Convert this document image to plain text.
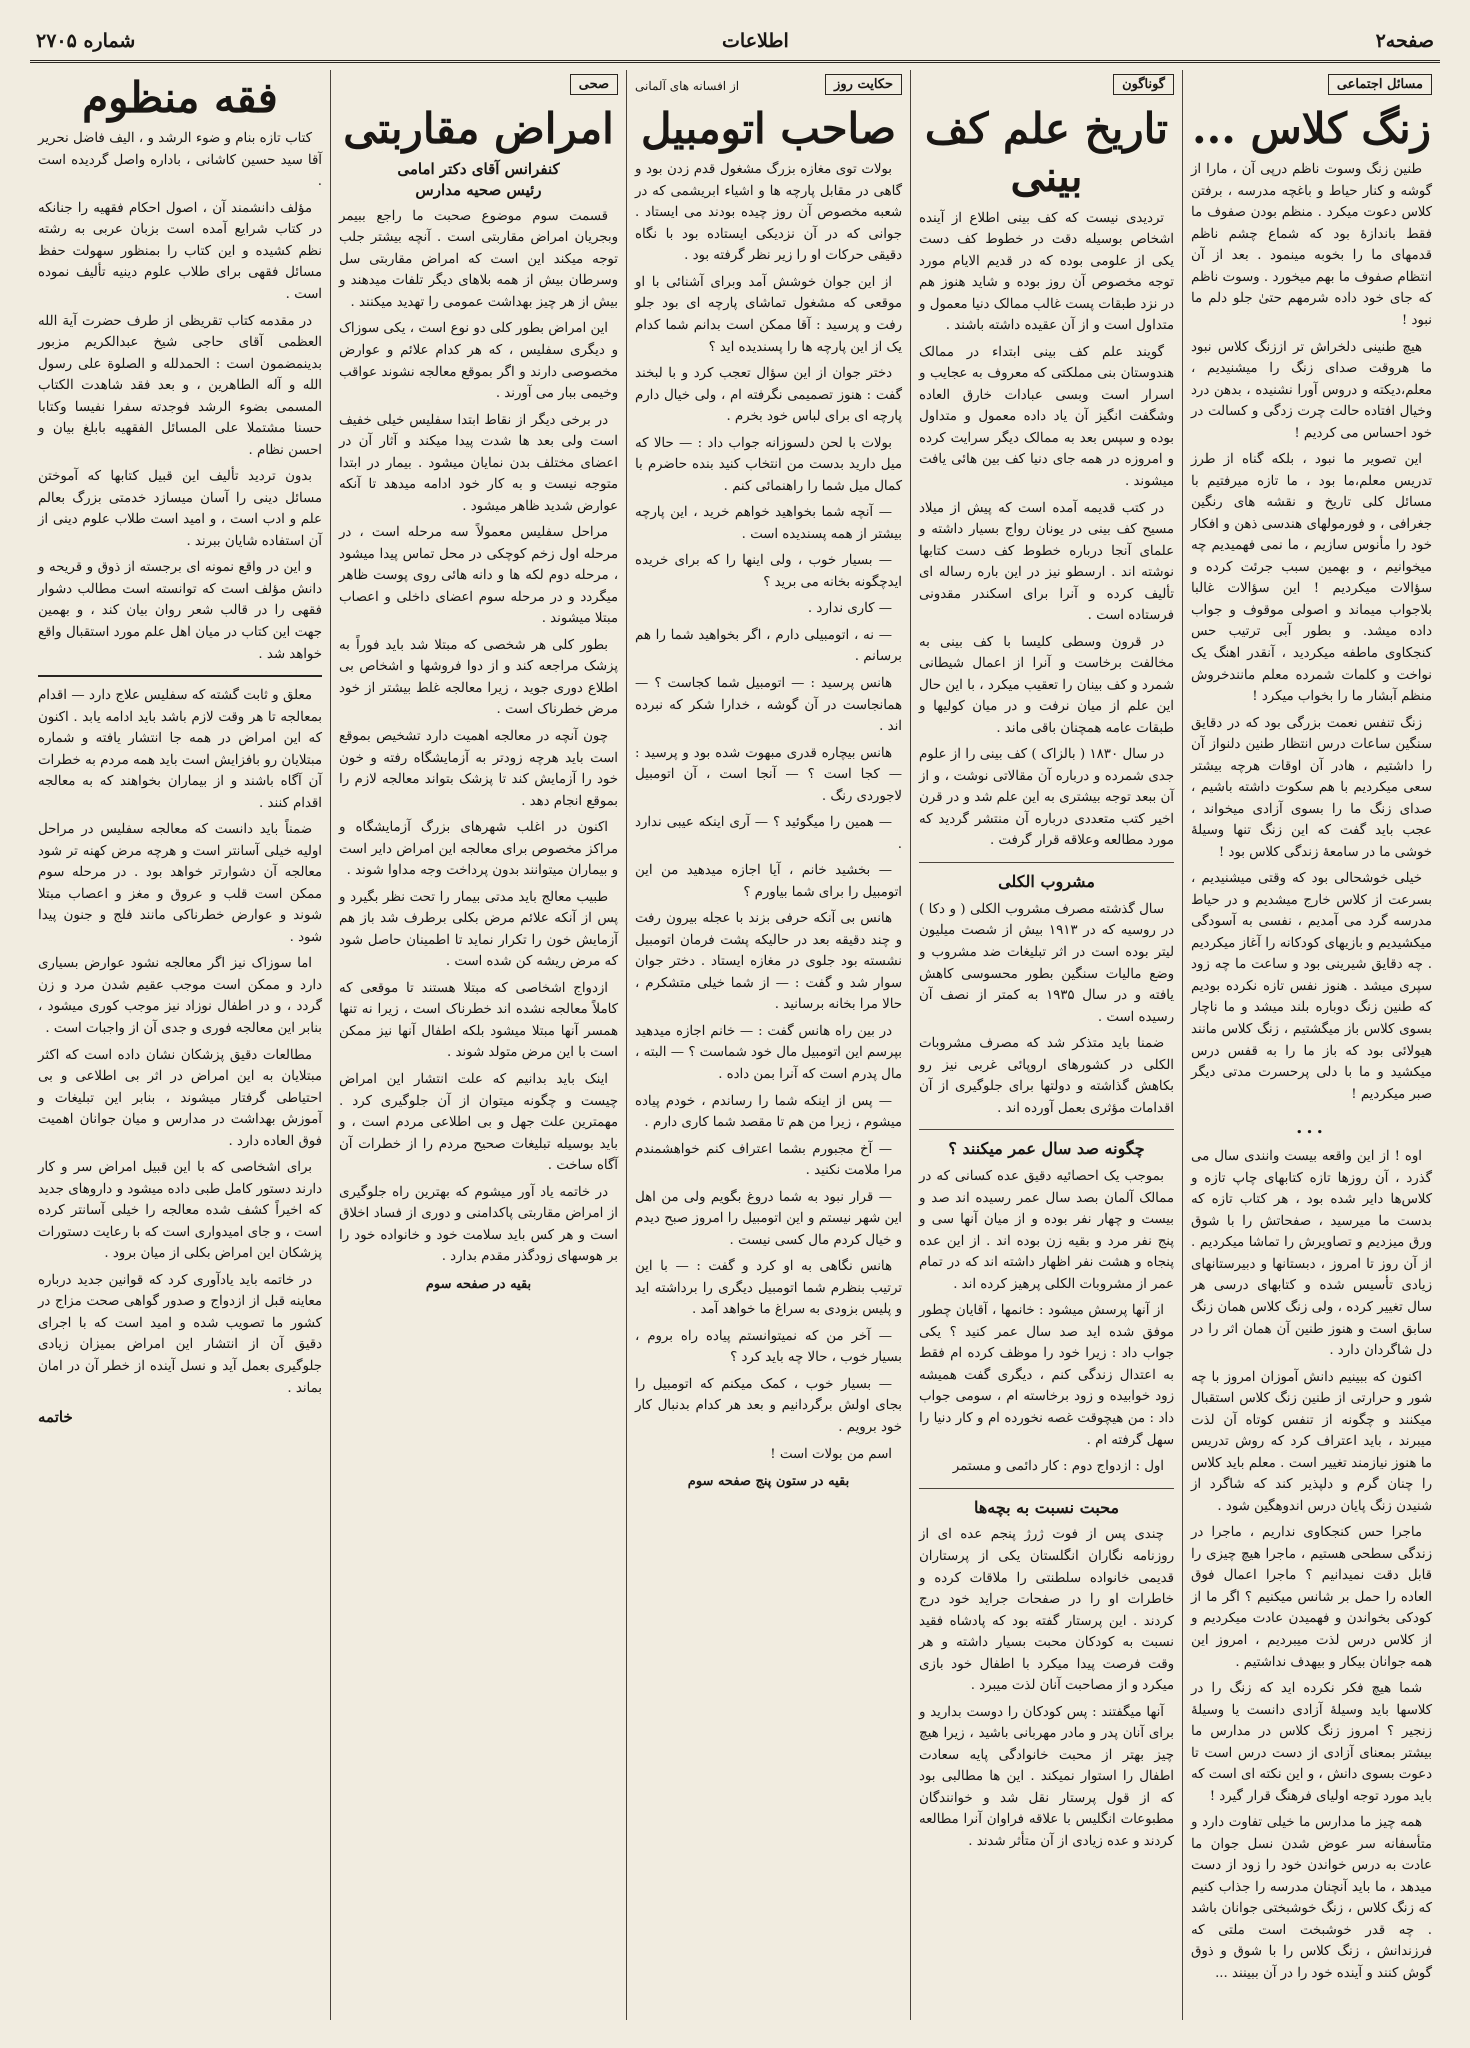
شماره ۲۷۰۵	اطلاعات	صفحه۲
مسائل اجتماعی
زنگ کلاس ...

طنین زنگ وسوت ناظم درپی آن ، مارا از گوشه و کنار حیاط و باغچه مدرسه ، برفتن کلاس دعوت میکرد . منظم بودن صفوف ما فقط باندازهٔ بود که شماع چشم ناظم قدمهای ما را بخوبه مینمود . بعد از آن انتظام صفوف ما بهم میخورد . وسوت ناظم که جای خود داده شرمهم حتیٰ جلو دلم ما نبود !

هیچ طنینی دلخراش تر اززنگ کلاس نبود ما هروقت صدای زنگ را میشنیدیم ، معلم،دیکته و دروس آورا نشنیده ، بدهن درد وخیال افتاده حالت چرت زدگی و کسالت در خود احساس می کردیم !

این تصویر ما نبود ، بلکه گناه از طرز تدریس معلم،ما بود ، ما تازه میرفتیم با مسائل کلی تاریخ و نقشه های رنگین جغرافی ، و فورمولهای هندسی ذهن و افکار خود را مأنوس سازیم ، ما نمی فهمیدیم چه میخوانیم ، و بهمین سبب جرئت کرده و سؤالات میکردیم ! این سؤالات غالبا بلاجواب میماند و اصولی موقوف و جواب داده میشد. و بطور آبی ترتیب حس کنجکاوی ماطفه میکردید ، آنقدر اهنگ یک نواخت و کلمات شمرده معلم مانندخروش منظم آبشار ما را بخواب میکرد !

زنگ تنفس نعمت بزرگی بود که در دقایق سنگین ساعات درس انتظار طنین دلنواز آن را داشتیم ، هادر آن اوقات هرچه بیشتر سعی میکردیم با هم سکوت داشته باشیم ، صدای زنگ ما را بسوی آزادی میخواند ، عجب باید گفت که این زنگ تنها وسیلهٔ خوشی ما در سامعهٔ زندگی کلاس بود !

خیلی خوشحالی بود که وقتی میشنیدیم ، بسرعت از کلاس خارج میشدیم و در حیاط مدرسه گرد می آمدیم ، نفسی به آسودگی میکشیدیم و بازیهای کودکانه را آغاز میکردیم . چه دقایق شیرینی بود و ساعت ما چه زود سپری میشد . هنوز نفس تازه نکرده بودیم که طنین زنگ دوباره بلند میشد و ما ناچار بسوی کلاس باز میگشتیم ، زنگ کلاس مانند هیولائی بود که باز ما را به قفس درس میکشید و ما با دلی پرحسرت مدتی دیگر صبر میکردیم !

...

اوه ! از این واقعه بیست وانندی سال می گذرد ، آن روزها تازه کتابهای چاپ تازه و کلاس‌ها دایر شده بود ، هر کتاب تازه که بدست ما میرسید ، صفحاتش را با شوق ورق میزدیم و تصاویرش را تماشا میکردیم . از آن روز تا امروز ، دبستانها و دبیرستانهای زیادی تأسیس شده و کتابهای درسی هر سال تغییر کرده ، ولی زنگ کلاس همان زنگ سابق است و هنوز طنین آن همان اثر را در دل شاگردان دارد .

اکنون که ببینیم دانش آموزان امروز با چه شور و حرارتی از طنین زنگ کلاس استقبال میکنند و چگونه از تنفس کوتاه آن لذت میبرند ، باید اعتراف کرد که روش تدریس ما هنوز نیازمند تغییر است . معلم باید کلاس را چنان گرم و دلپذیر کند که شاگرد از شنیدن زنگ پایان درس اندوهگین شود .

ماجرا حس کنجکاوی نداریم ، ماجرا در زندگی سطحی هستیم ، ماجرا هیچ چیزی را قابل دقت نمیدانیم ؟ ماجرا اعمال فوق العاده را حمل بر شانس میکنیم ؟ اگر ما از کودکی بخواندن و فهمیدن عادت میکردیم و از کلاس درس لذت میبردیم ، امروز این همه جوانان بیکار و بیهدف نداشتیم .

شما هیچ فکر نکرده اید که زنگ را در کلاسها باید وسیلهٔ آزادی دانست یا وسیلهٔ زنجیر ؟ امروز زنگ کلاس در مدارس ما بیشتر بمعنای آزادی از دست درس است تا دعوت بسوی دانش ، و این نکته ای است که باید مورد توجه اولیای فرهنگ قرار گیرد !

همه چیز ما مدارس ما خیلی تفاوت دارد و متأسفانه سر عوض شدن نسل جوان ما عادت به درس خواندن خود را زود از دست میدهد ، ما باید آنچنان مدرسه را جذاب کنیم که زنگ کلاس ، زنگ خوشبختی جوانان باشد . چه قدر خوشبخت است ملتی که فرزندانش ، زنگ کلاس را با شوق و ذوق گوش کنند و آینده خود را در آن ببینند ...

گوناگون
تاریخ علم کف بینی

تردیدی نیست که کف بینی اطلاع از آینده اشخاص بوسیله دقت در خطوط کف دست یکی از علومی بوده که در قدیم الایام مورد توجه مخصوص آن روز بوده و شاید هنوز هم در نزد طبقات پست غالب ممالک دنیا معمول و متداول است و از آن عقیده داشته باشند .

گویند علم کف بینی ابتداء در ممالک هندوستان بنی مملکتی که معروف به عجایب و اسرار است وبسی عبادات خارق العاده وشگفت انگیز آن یاد داده معمول و متداول بوده و سپس بعد به ممالک دیگر سرایت کرده و امروزه در همه جای دنیا کف بین هائی یافت میشوند .

در کتب قدیمه آمده است که پیش از میلاد مسیح کف بینی در یونان رواج بسیار داشته و علمای آنجا درباره خطوط کف دست کتابها نوشته اند . ارسطو نیز در این باره رساله ای تألیف کرده و آنرا برای اسکندر مقدونی فرستاده است .

در قرون وسطی کلیسا با کف بینی به مخالفت برخاست و آنرا از اعمال شیطانی شمرد و کف بینان را تعقیب میکرد ، با این حال این علم از میان نرفت و در میان کولیها و طبقات عامه همچنان باقی ماند .

در سال ۱۸۳۰ ( بالزاک ) کف بینی را از علوم جدی شمرده و درباره آن مقالاتی نوشت ، و از آن ببعد توجه بیشتری به این علم شد و در قرن اخیر کتب متعددی درباره آن منتشر گردید که مورد مطالعه وعلاقه قرار گرفت .

مشروب الکلی

سال گذشته مصرف مشروب الکلی ( و دکا ) در روسیه که در ۱۹۱۳ بیش از شصت میلیون لیتر بوده است در اثر تبلیغات ضد مشروب و وضع مالیات سنگین بطور محسوسی کاهش یافته و در سال ۱۹۳۵ به کمتر از نصف آن رسیده است .

ضمنا باید متذکر شد که مصرف مشروبات الکلی در کشورهای اروپائی غربی نیز رو بکاهش گذاشته و دولتها برای جلوگیری از آن اقدامات مؤثری بعمل آورده اند .

چگونه صد سال عمر میکنند ؟

بموجب یک احصائیه دقیق عده کسانی که در ممالک آلمان بصد سال عمر رسیده اند صد و بیست و چهار نفر بوده و از میان آنها سی و پنج نفر مرد و بقیه زن بوده اند . از این عده پنجاه و هشت نفر اظهار داشته اند که در تمام عمر از مشروبات الکلی پرهیز کرده اند .

از آنها پرسش میشود : خانمها ، آقایان چطور موفق شده اید صد سال عمر کنید ؟ یکی جواب داد : زیرا خود را موظف کرده ام فقط به اعتدال زندگی کنم ، دیگری گفت همیشه زود خوابیده و زود برخاسته ام ، سومی جواب داد : من هیچوقت غصه نخورده ام و کار دنیا را سهل گرفته ام .

اول : ازدواج دوم : کار دائمی و مستمر

محبت نسبت به بچه‌ها

چندی پس از فوت ژرژ پنجم عده ای از روزنامه نگاران انگلستان یکی از پرستاران قدیمی خانواده سلطنتی را ملاقات کرده و خاطرات او را در صفحات جراید خود درج کردند . این پرستار گفته بود که پادشاه فقید نسبت به کودکان محبت بسیار داشته و هر وقت فرصت پیدا میکرد با اطفال خود بازی میکرد و از مصاحبت آنان لذت میبرد .

آنها میگفتند : پس کودکان را دوست بدارید و برای آنان پدر و مادر مهربانی باشید ، زیرا هیچ چیز بهتر از محبت خانوادگی پایه سعادت اطفال را استوار نمیکند . این ها مطالبی بود که از قول پرستار نقل شد و خوانندگان مطبوعات انگلیس با علاقه فراوان آنرا مطالعه کردند و عده زیادی از آن متأثر شدند .

حکایت روز
از افسانه های آلمانی
صاحب اتومبیل

بولات توی مغازه بزرگ مشغول قدم زدن بود و گاهی در مقابل پارچه ها و اشیاء ابریشمی که در شعبه مخصوص آن روز چیده بودند می ایستاد . جوانی که در آن نزدیکی ایستاده بود با نگاه دقیقی حرکات او را زیر نظر گرفته بود .

از این جوان خوشش آمد وبرای آشنائی با او موقعی که مشغول تماشای پارچه ای بود جلو رفت و پرسید : آقا ممکن است بدانم شما کدام یک از این پارچه ها را پسندیده اید ؟

دختر جوان از این سؤال تعجب کرد و با لبخند گفت : هنوز تصمیمی نگرفته ام ، ولی خیال دارم پارچه ای برای لباس خود بخرم .

بولات با لحن دلسوزانه جواب داد : — حالا که میل دارید بدست من انتخاب کنید بنده حاضرم با کمال میل شما را راهنمائی کنم .

— آنچه شما بخواهید خواهم خرید ، این پارچه بیشتر از همه پسندیده است .

— بسیار خوب ، ولی اینها را که برای خریده ایدچگونه بخانه می برید ؟

— کاری ندارد .

— نه ، اتومبیلی دارم ، اگر بخواهید شما را هم برسانم .

هانس پرسید : — اتومبیل شما کجاست ؟ — همانجاست در آن گوشه ، خدارا شکر که نبرده اند .

هانس بیچاره قدری مبهوت شده بود و پرسید : — کجا است ؟ — آنجا است ، آن اتومبیل لاجوردی رنگ .

— همین را میگوئید ؟ — آری اینکه عیبی ندارد .

— بخشید خانم ، آیا اجازه میدهید من این اتومبیل را برای شما بیاورم ؟

هانس بی آنکه حرفی بزند با عجله بیرون رفت و چند دقیقه بعد در حالیکه پشت فرمان اتومبیل نشسته بود جلوی در مغازه ایستاد . دختر جوان سوار شد و گفت : — از شما خیلی متشکرم ، حالا مرا بخانه برسانید .

در بین راه هانس گفت : — خانم اجازه میدهید بپرسم این اتومبیل مال خود شماست ؟ — البته ، مال پدرم است که آنرا بمن داده .

— پس از اینکه شما را رساندم ، خودم پیاده میشوم ، زیرا من هم تا مقصد شما کاری دارم .

— آخ مجبورم بشما اعتراف کنم خواهشمندم مرا ملامت نکنید .

— قرار نبود به شما دروغ بگویم ولی من اهل این شهر نیستم و این اتومبیل را امروز صبح دیدم و خیال کردم مال کسی نیست .

هانس نگاهی به او کرد و گفت : — با این ترتیب بنظرم شما اتومبیل دیگری را برداشته اید و پلیس بزودی به سراغ ما خواهد آمد .

— آخر من که نمیتوانستم پیاده راه بروم ، بسیار خوب ، حالا چه باید کرد ؟

— بسیار خوب ، کمک میکنم که اتومبیل را بجای اولش برگردانیم و بعد هر کدام بدنبال کار خود برویم .

اسم من بولات است !

بقیه در ستون پنج صفحه سوم
صحی
امراض مقاربتی
کنفرانس آقای دکتر امامی
رئیس صحیه مدارس

قسمت سوم موضوع صحبت ما راجع ببیمر وبجریان امراض مقاربتی است . آنچه بیشتر جلب توجه میکند این است که امراض مقاربتی سل وسرطان بیش از همه بلاهای دیگر تلفات میدهند و بیش از هر چیز بهداشت عمومی را تهدید میکنند .

این امراض بطور کلی دو نوع است ، یکی سوزاک و دیگری سفلیس ، که هر کدام علائم و عوارض مخصوصی دارند و اگر بموقع معالجه نشوند عواقب وخیمی ببار می آورند .

در برخی دیگر از نقاط ابتدا سفلیس خیلی خفیف است ولی بعد ها شدت پیدا میکند و آثار آن در اعضای مختلف بدن نمایان میشود . بیمار در ابتدا متوجه نیست و به کار خود ادامه میدهد تا آنکه عوارض شدید ظاهر میشود .

مراحل سفلیس معمولاً سه مرحله است ، در مرحله اول زخم کوچکی در محل تماس پیدا میشود ، مرحله دوم لکه ها و دانه هائی روی پوست ظاهر میگردد و در مرحله سوم اعضای داخلی و اعصاب مبتلا میشوند .

بطور کلی هر شخصی که مبتلا شد باید فوراً به پزشک مراجعه کند و از دوا فروشها و اشخاص بی اطلاع دوری جوید ، زیرا معالجه غلط بیشتر از خود مرض خطرناک است .

چون آنچه در معالجه اهمیت دارد تشخیص بموقع است باید هرچه زودتر به آزمایشگاه رفته و خون خود را آزمایش کند تا پزشک بتواند معالجه لازم را بموقع انجام دهد .

اکنون در اغلب شهرهای بزرگ آزمایشگاه و مراکز مخصوص برای معالجه این امراض دایر است و بیماران میتوانند بدون پرداخت وجه مداوا شوند .

طبیب معالج باید مدتی بیمار را تحت نظر بگیرد و پس از آنکه علائم مرض بکلی برطرف شد باز هم آزمایش خون را تکرار نماید تا اطمینان حاصل شود که مرض ریشه کن شده است .

ازدواج اشخاصی که مبتلا هستند تا موقعی که کاملاً معالجه نشده اند خطرناک است ، زیرا نه تنها همسر آنها مبتلا میشود بلکه اطفال آنها نیز ممکن است با این مرض متولد شوند .

اینک باید بدانیم که علت انتشار این امراض چیست و چگونه میتوان از آن جلوگیری کرد . مهمترین علت جهل و بی اطلاعی مردم است ، و باید بوسیله تبلیغات صحیح مردم را از خطرات آن آگاه ساخت .

در خاتمه یاد آور میشوم که بهترین راه جلوگیری از امراض مقاربتی پاکدامنی و دوری از فساد اخلاق است و هر کس باید سلامت خود و خانواده خود را بر هوسهای زودگذر مقدم بدارد .

بقیه در صفحه سوم
فقه منظوم

کتاب تازه بنام و ضوء الرشد و ، الیف فاضل نحریر آقا سید حسین کاشانی ، باداره واصل گردیده است .

مؤلف دانشمند آن ، اصول احکام فقهیه را جنانکه در کتاب شرایع آمده است بزبان عربی به رشته نظم کشیده و این کتاب را بمنظور سهولت حفظ مسائل فقهی برای طلاب علوم دینیه تألیف نموده است .

در مقدمه کتاب تقریظی از طرف حضرت آیة الله العظمی آقای حاجی شیخ عبدالکریم مزبور بدینمضمون است : الحمدلله و الصلوة علی رسول الله و آله الطاهرین ، و بعد فقد شاهدت الکتاب المسمی بضوء الرشد فوجدته سفرا نفیسا وکتابا حسنا مشتملا علی المسائل الفقهیه بابلغ بیان و احسن نظام .

بدون تردید تألیف این قبیل کتابها که آموختن مسائل دینی را آسان میسازد خدمتی بزرگ بعالم علم و ادب است ، و امید است طلاب علوم دینی از آن استفاده شایان ببرند .

و این در واقع نمونه ای برجسته از ذوق و قریحه و دانش مؤلف است که توانسته است مطالب دشوار فقهی را در قالب شعر روان بیان کند ، و بهمین جهت این کتاب در میان اهل علم مورد استقبال واقع خواهد شد .

معلق و ثابت گشته که سفلیس علاج دارد — اقدام بمعالجه تا هر وقت لازم باشد باید ادامه یابد . اکنون که این امراض در همه جا انتشار یافته و شماره مبتلایان رو بافزایش است باید همه مردم به خطرات آن آگاه باشند و از بیماران بخواهند که به معالجه اقدام کنند .

ضمناً باید دانست که معالجه سفلیس در مراحل اولیه خیلی آسانتر است و هرچه مرض کهنه تر شود معالجه آن دشوارتر خواهد بود . در مرحله سوم ممکن است قلب و عروق و مغز و اعصاب مبتلا شوند و عوارض خطرناکی مانند فلج و جنون پیدا شود .

اما سوزاک نیز اگر معالجه نشود عوارض بسیاری دارد و ممکن است موجب عقیم شدن مرد و زن گردد ، و در اطفال نوزاد نیز موجب کوری میشود ، بنابر این معالجه فوری و جدی آن از واجبات است .

مطالعات دقیق پزشکان نشان داده است که اکثر مبتلایان به این امراض در اثر بی اطلاعی و بی احتیاطی گرفتار میشوند ، بنابر این تبلیغات و آموزش بهداشت در مدارس و میان جوانان اهمیت فوق العاده دارد .

برای اشخاصی که با این قبیل امراض سر و کار دارند دستور کامل طبی داده میشود و داروهای جدید که اخیراً کشف شده معالجه را خیلی آسانتر کرده است ، و جای امیدواری است که با رعایت دستورات پزشکان این امراض بکلی از میان برود .

در خاتمه باید یادآوری کرد که قوانین جدید درباره معاینه قبل از ازدواج و صدور گواهی صحت مزاج در کشور ما تصویب شده و امید است که با اجرای دقیق آن از انتشار این امراض بمیزان زیادی جلوگیری بعمل آید و نسل آینده از خطر آن در امان بماند .

خاتمه
